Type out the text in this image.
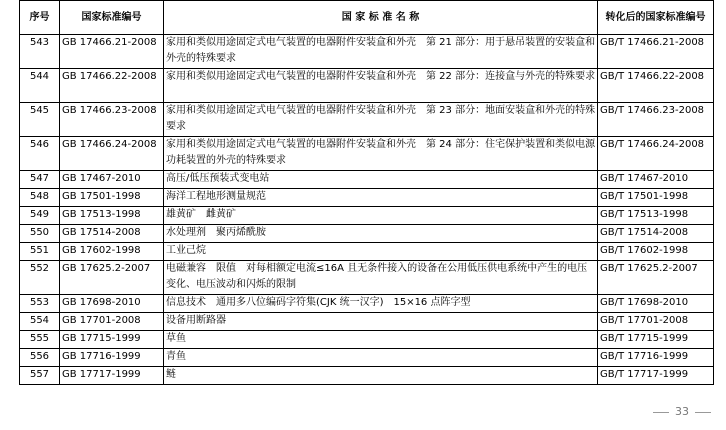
序号	国家标准编号	国 家 标 准 名 称	转化后的国家标准编号
543	GB 17466.21-2008	家用和类似用途固定式电气装置的电器附件安装盒和外壳　第 21 部分：用于悬吊装置的安装盒和外壳的特殊要求	GB/T 17466.21-2008
544	GB 17466.22-2008	家用和类似用途固定式电气装置的电器附件安装盒和外壳　第 22 部分：连接盒与外壳的特殊要求	GB/T 17466.22-2008
545	GB 17466.23-2008	家用和类似用途固定式电气装置的电器附件安装盒和外壳　第 23 部分：地面安装盒和外壳的特殊要求	GB/T 17466.23-2008
546	GB 17466.24-2008	家用和类似用途固定式电气装置的电器附件安装盒和外壳　第 24 部分：住宅保护装置和类似电源功耗装置的外壳的特殊要求	GB/T 17466.24-2008
547	GB 17467-2010	高压/低压预装式变电站	GB/T 17467-2010
548	GB 17501-1998	海洋工程地形测量规范	GB/T 17501-1998
549	GB 17513-1998	雄黄矿　雌黄矿	GB/T 17513-1998
550	GB 17514-2008	水处理剂　聚丙烯酰胺	GB/T 17514-2008
551	GB 17602-1998	工业己烷	GB/T 17602-1998
552	GB 17625.2-2007	电磁兼容　限值　对每相额定电流≤16A 且无条件接入的设备在公用低压供电系统中产生的电压变化、电压波动和闪烁的限制	GB/T 17625.2-2007
553	GB 17698-2010	信息技术　通用多八位编码字符集(CJK 统一汉字)　15×16 点阵字型	GB/T 17698-2010
554	GB 17701-2008	设备用断路器	GB/T 17701-2008
555	GB 17715-1999	草鱼	GB/T 17715-1999
556	GB 17716-1999	青鱼	GB/T 17716-1999
557	GB 17717-1999	鲢	GB/T 17717-1999
33
